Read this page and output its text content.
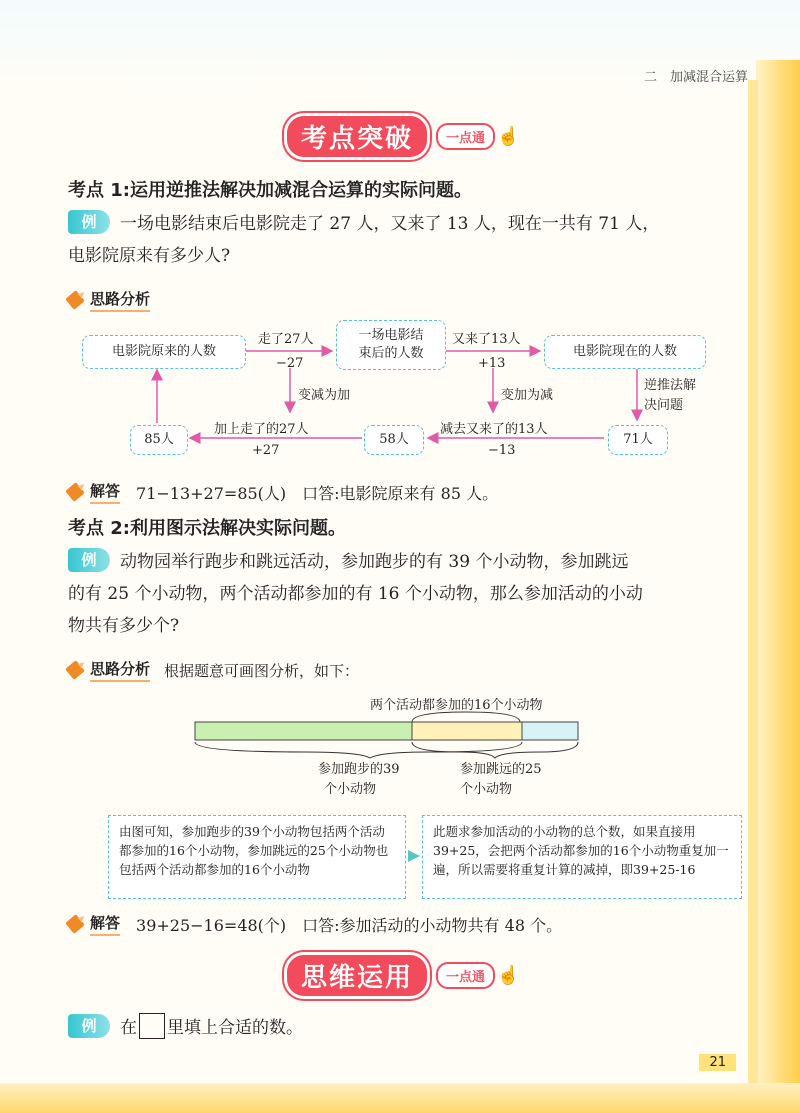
二　加减混合运算
考点突破	一点通 ☝
考点 1:运用逆推法解决加减混合运算的实际问题。
例 一场电影结束后电影院走了 27 人，又来了 13 人，现在一共有 71 人，
电影院原来有多少人?
思路分析
电影院原来的人数
一场电影结
束后的人数	电影院现在的人数
走了27人
−27
又来了13人
+13
变减为加	变加为减
逆推法解
决问题
71人
58人
85人
减去又来了的13人
−13
加上走了的27人
+27
解答 71−13+27=85(人)　口答:电影院原来有 85 人。
考点 2:利用图示法解决实际问题。
例 动物园举行跑步和跳远活动，参加跑步的有 39 个小动物，参加跳远
的有 25 个小动物，两个活动都参加的有 16 个小动物，那么参加活动的小动
物共有多少个?
思路分析 根据题意可画图分析，如下：
两个活动都参加的16个小动物
参加跑步的39
个小动物
参加跳远的25
个小动物
由图可知，参加跑步的39个小动物包括两个活动都参加的16个小动物，参加跳远的25个小动物也包括两个活动都参加的16个小动物
此题求参加活动的小动物的总个数，如果直接用39+25，会把两个活动都参加的16个小动物重复加一遍，所以需要将重复计算的减掉，即39+25-16
解答 39+25−16=48(个)　口答:参加活动的小动物共有 48 个。
思维运用	一点通 ☝
例 在 里填上合适的数。
21
